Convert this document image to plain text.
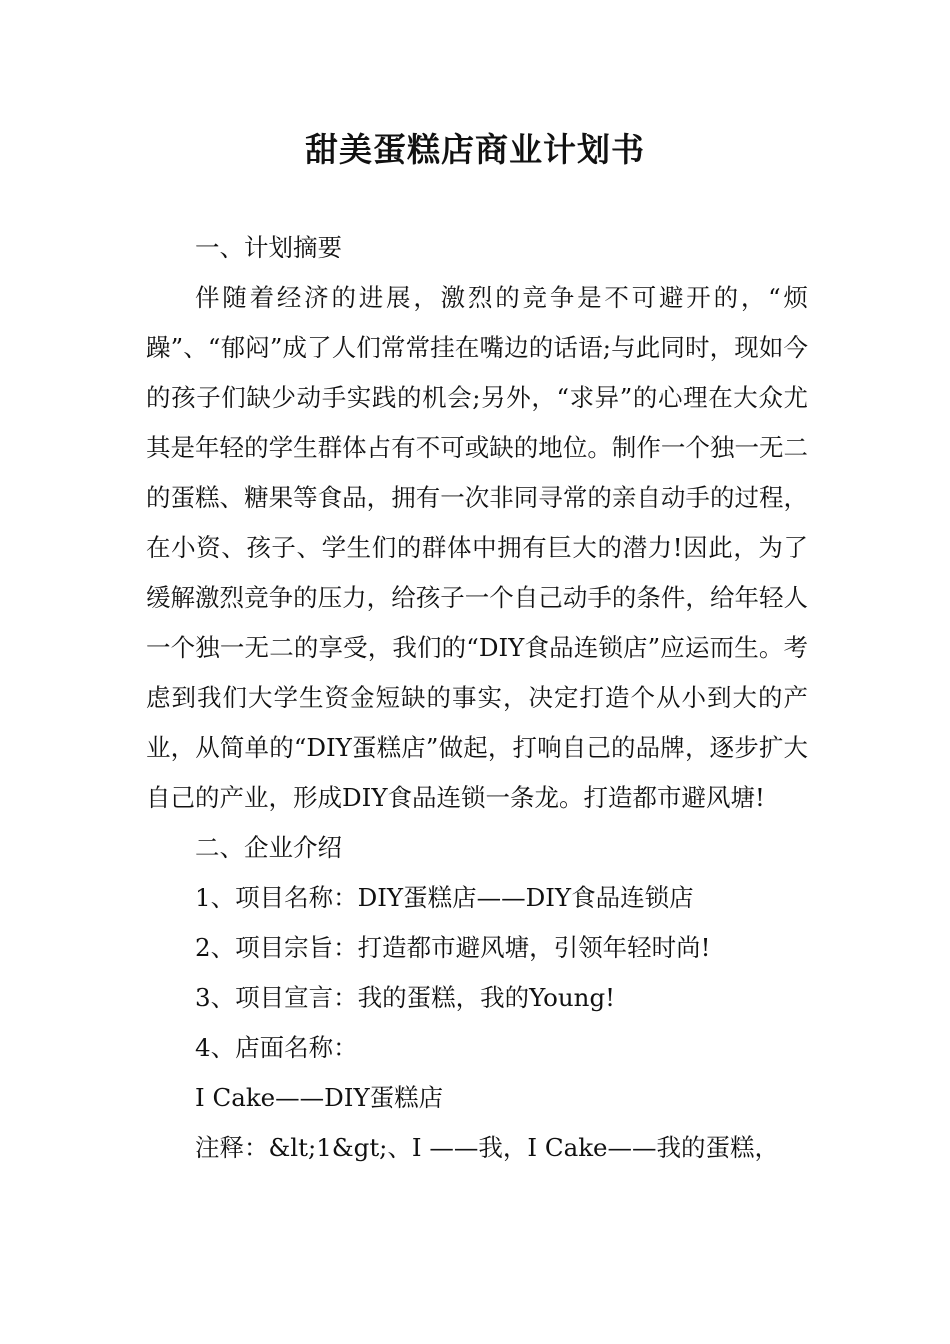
甜美蛋糕店商业计划书

一、计划摘要

伴随着经济的进展，激烈的竞争是不可避开的，“烦躁”、“郁闷”成了人们常常挂在嘴边的话语;与此同时，现如今的孩子们缺少动手实践的机会;另外，“求异”的心理在大众尤其是年轻的学生群体占有不可或缺的地位。制作一个独一无二的蛋糕、糖果等食品，拥有一次非同寻常的亲自动手的过程，在小资、孩子、学生们的群体中拥有巨大的潜力!因此，为了缓解激烈竞争的压力，给孩子一个自己动手的条件，给年轻人一个独一无二的享受，我们的“DIY食品连锁店”应运而生。考虑到我们大学生资金短缺的事实，决定打造个从小到大的产业，从简单的“DIY蛋糕店”做起，打响自己的品牌，逐步扩大自己的产业，形成DIY食品连锁一条龙。打造都市避风塘!

二、企业介绍

1、项目名称：DIY蛋糕店——DIY食品连锁店

2、项目宗旨：打造都市避风塘，引领年轻时尚!

3、项目宣言：我的蛋糕，我的Young!

4、店面名称：

I Cake——DIY蛋糕店

注释：&lt;1&gt;、I ——我，I Cake——我的蛋糕，
